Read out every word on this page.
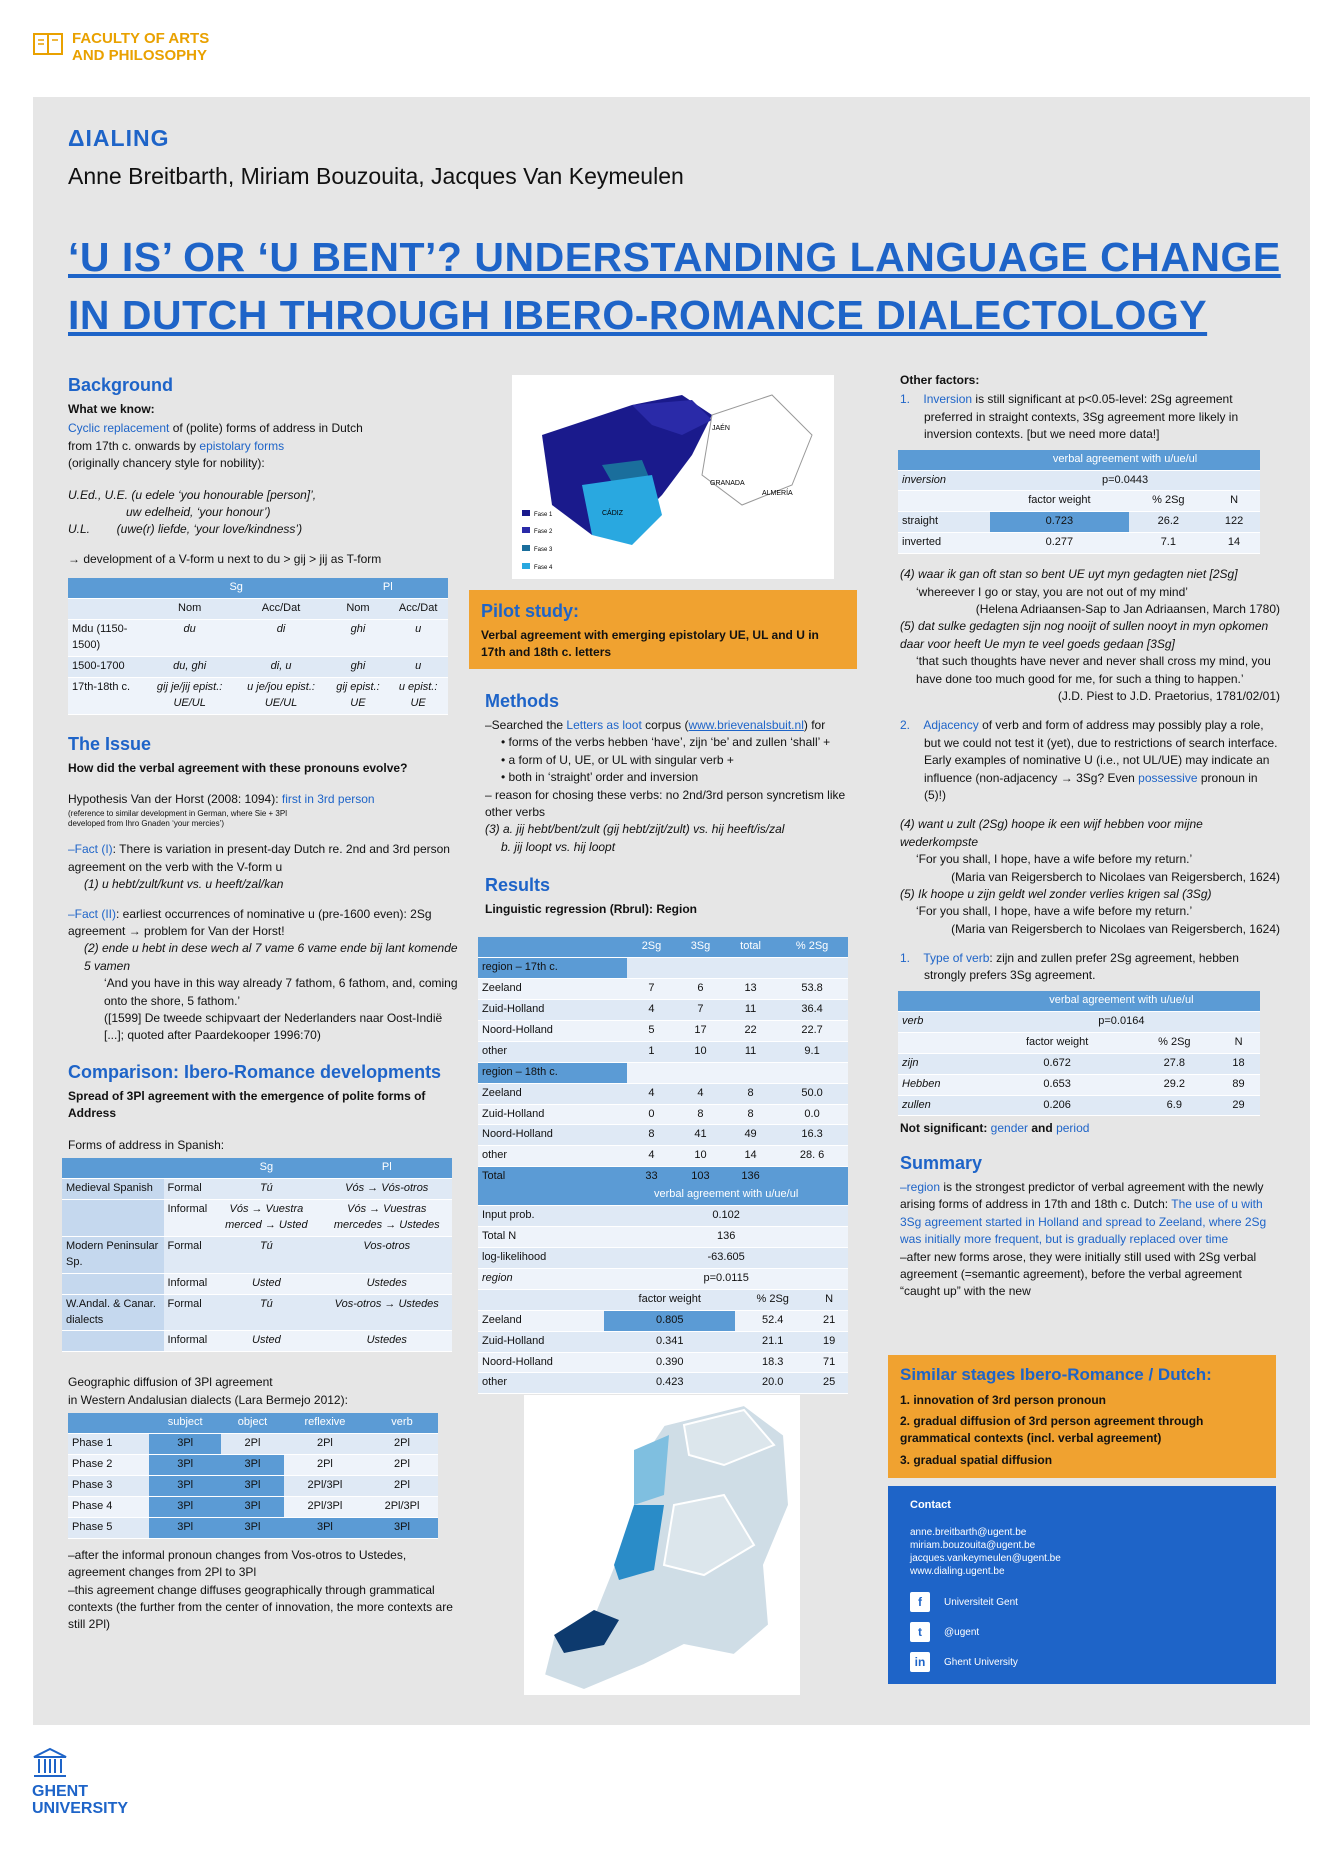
FACULTY OF ARTS
AND PHILOSOPHY
ΔIALING
Anne Breitbarth, Miriam Bouzouita, Jacques Van Keymeulen
‘U IS’ OR ‘U BENT’? UNDERSTANDING LANGUAGE CHANGE IN DUTCH THROUGH IBERO-ROMANCE DIALECTOLOGY
Background
What we know:

Cyclic replacement of (polite) forms of address in Dutch
from 17th c. onwards by epistolary forms
(originally chancery style for nobility):

U.Ed., U.E. (u edele ‘you honourable [person]’,

uw edelheid, ‘your honour’)

U.L.        (uwe(r) liefde, ‘your love/kindness’)

→ development of a V-form u next to du > gij > jij as T-form

	Sg		Pl	
	Nom	Acc/Dat	Nom	Acc/Dat
Mdu (1150-1500)	du	di	ghi	u
1500-1700	du, ghi	di, u	ghi	u
17th-18th c.	gij je/jij epist.: UE/UL	u je/jou epist.: UE/UL	gij epist.: UE	u epist.: UE
The Issue
How did the verbal agreement with these pronouns evolve?

Hypothesis Van der Horst (2008: 1094): first in 3rd person

(reference to similar development in German, where Sie + 3Pl

developed from Ihro Gnaden ‘your mercies’)

–Fact (I): There is variation in present-day Dutch re. 2nd and 3rd person agreement on the verb with the V-form u

(1) u hebt/zult/kunt vs. u heeft/zal/kan

–Fact (II): earliest occurrences of nominative u (pre-1600 even): 2Sg agreement → problem for Van der Horst!

(2) ende u hebt in dese wech al 7 vame 6 vame ende bij lant komende 5 vamen

‘And you have in this way already 7 fathom, 6 fathom, and, coming onto the shore, 5 fathom.’

([1599] De tweede schipvaart der Nederlanders naar Oost-Indië [...]; quoted after Paardekooper 1996:70)

Comparison: Ibero-Romance developments
Spread of 3Pl agreement with the emergence of polite forms of Address

Forms of address in Spanish:

		Sg	Pl
Medieval Spanish	Formal	Tú	Vós → Vós-otros
	Informal	Vós → Vuestra merced → Usted	Vós → Vuestras mercedes → Ustedes
Modern Peninsular Sp.	Formal	Tú	Vos-otros
	Informal	Usted	Ustedes
W.Andal. & Canar. dialects	Formal	Tú	Vos-otros → Ustedes
	Informal	Usted	Ustedes

Geographic diffusion of 3Pl agreement

in Western Andalusian dialects (Lara Bermejo 2012):

	subject	object	reflexive	verb
Phase 1	3Pl	2Pl	2Pl	2Pl
Phase 2	3Pl	3Pl	2Pl	2Pl
Phase 3	3Pl	3Pl	2Pl/3Pl	2Pl
Phase 4	3Pl	3Pl	2Pl/3Pl	2Pl/3Pl
Phase 5	3Pl	3Pl	3Pl	3Pl

–after the informal pronoun changes from Vos-otros to Ustedes, agreement changes from 2Pl to 3Pl

–this agreement change diffuses geographically through grammatical contexts (the further from the center of innovation, the more contexts are still 2Pl)

JAÉN
GRANADA
ALMERÍA
CÁDIZ
Fase 1
Fase 2
Fase 3
Fase 4
Pilot study:

Verbal agreement with emerging epistolary UE, UL and U in 17th and 18th c. letters

Methods

–Searched the Letters as loot corpus (www.brievenalsbuit.nl) for

• forms of the verbs hebben ‘have’, zijn ‘be’ and zullen ‘shall’ +
• a form of U, UE, or UL with singular verb +
• both in ‘straight’ order and inversion

– reason for chosing these verbs: no 2nd/3rd person syncretism like other verbs

(3) a. jij hebt/bent/zult (gij hebt/zijt/zult) vs. hij heeft/is/zal

b. jij loopt vs. hij loopt

Results
Linguistic regression (Rbrul): Region
	2Sg	3Sg	total	% 2Sg
region – 17th c.				
Zeeland	7	6	13	53.8
Zuid-Holland	4	7	11	36.4
Noord-Holland	5	17	22	22.7
other	1	10	11	9.1
region – 18th c.				
Zeeland	4	4	8	50.0
Zuid-Holland	0	8	8	0.0
Noord-Holland	8	41	49	16.3
other	4	10	14	28. 6
Total	33	103	136	
	verbal agreement with u/ue/ul		
Input prob.	0.102		
Total N	136		
log-likelihood	-63.605		
region	p=0.0115		
	factor weight	% 2Sg	N
Zeeland	0.805	52.4	21
Zuid-Holland	0.341	21.1	19
Noord-Holland	0.390	18.3	71
other	0.423	20.0	25
Other factors:

1. Inversion is still significant at p<0.05-level: 2Sg agreement preferred in straight contexts, 3Sg agreement more likely in inversion contexts. [but we need more data!]

	verbal agreement with u/ue/ul		
inversion	p=0.0443		
	factor weight	% 2Sg	N
straight	0.723	26.2	122
inverted	0.277	7.1	14

(4) waar ik gan oft stan so bent UE uyt myn gedagten niet [2Sg]

‘whereever I go or stay, you are not out of my mind’

(Helena Adriaansen-Sap to Jan Adriaansen, March 1780)

(5) dat sulke gedagten sijn nog nooijt of sullen nooyt in myn opkomen daar voor heeft Ue myn te veel goeds gedaan [3Sg]

‘that such thoughts have never and never shall cross my mind, you have done too much good for me, for such a thing to happen.’

(J.D. Piest to J.D. Praetorius, 1781/02/01)

2. Adjacency of verb and form of address may possibly play a role, but we could not test it (yet), due to restrictions of search interface. Early examples of nominative U (i.e., not UL/UE) may indicate an influence (non-adjacency → 3Sg? Even possessive pronoun in (5)!)

(4) want u zult (2Sg) hoope ik een wijf hebben voor mijne wederkompste

‘For you shall, I hope, have a wife before my return.’

(Maria van Reigersberch to Nicolaes van Reigersberch, 1624)

(5) Ik hoope u zijn geldt wel zonder verlies krigen sal (3Sg)

‘For you shall, I hope, have a wife before my return.’

(Maria van Reigersberch to Nicolaes van Reigersberch, 1624)

1. Type of verb: zijn and zullen prefer 2Sg agreement, hebben strongly prefers 3Sg agreement.

	verbal agreement with u/ue/ul		
verb	p=0.0164		
	factor weight	% 2Sg	N
zijn	0.672	27.8	18
Hebben	0.653	29.2	89
zullen	0.206	6.9	29

Not significant: gender and period

Summary

–region is the strongest predictor of verbal agreement with the newly arising forms of address in 17th and 18th c. Dutch: The use of u with 3Sg agreement started in Holland and spread to Zeeland, where 2Sg was initially more frequent, but is gradually replaced over time

–after new forms arose, they were initially still used with 2Sg verbal agreement (=semantic agreement), before the verbal agreement “caught up” with the new

Similar stages Ibero-Romance / Dutch:
1. innovation of 3rd person pronoun
2. gradual diffusion of 3rd person agreement through grammatical contexts (incl. verbal agreement)
3. gradual spatial diffusion
Contact
anne.breitbarth@ugent.be
miriam.bouzouita@ugent.be
jacques.vankeymeulen@ugent.be
www.dialing.ugent.be
f	Universiteit Gent
t	@ugent
in	Ghent University
GHENT
UNIVERSITY
